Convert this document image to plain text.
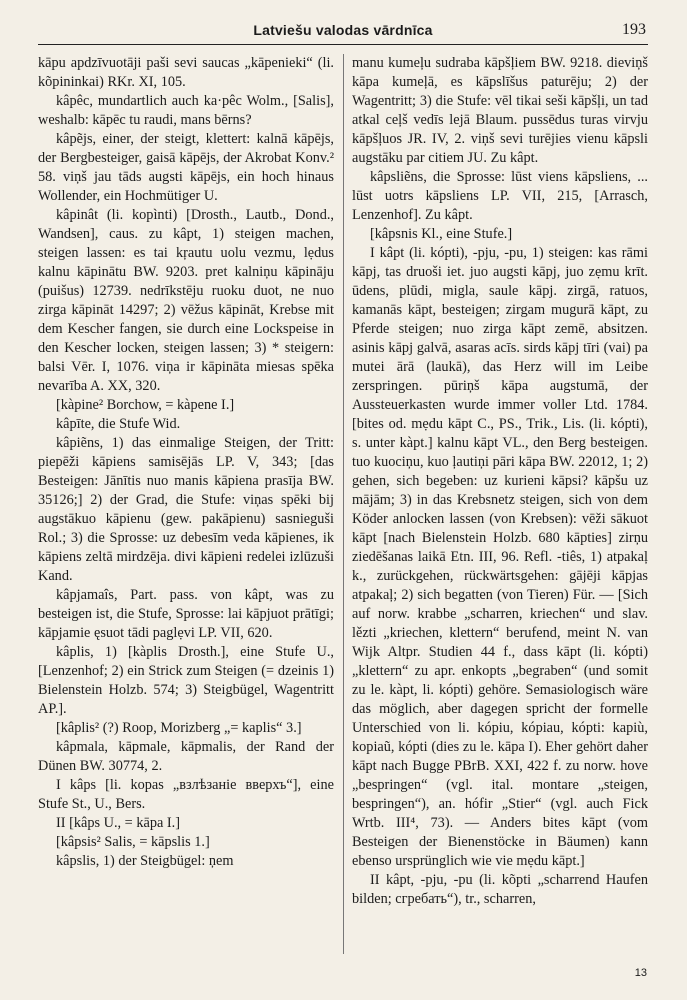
Latviešu valodas vārdnīca	193

kāpu apdzīvuotāji paši sevi saucas „kāpenieki“ (li. kõpininkai) RKr. XI, 105.

kâpêc, mundartlich auch ka·pêc Wolm., [Salis], weshalb: kāpēc tu raudi, mans bērns?

kâpẽjs, einer, der steigt, klettert: kalnā kāpējs, der Bergbesteiger, gaisā kāpējs, der Akrobat Konv.² 58. viņš jau tāds augsti kāpējs, ein hoch hinaus Wollender, ein Hochmütiger U.

kâpinât (li. kopìnti) [Drosth., Lautb., Dond., Wandsen], caus. zu kâpt, 1) steigen machen, steigen lassen: es tai kŗautu uolu vezmu, lẹdus kalnu kāpinātu BW. 9203. pret kalniņu kāpināju (puišus) 12739. nedrīkstēju ruoku duot, ne nuo zirga kāpināt 14297; 2) vēžus kāpināt, Krebse mit dem Kescher fangen, sie durch eine Lockspeise in den Kescher locken, steigen lassen; 3) * steigern: balsi Vēr. I, 1076. viņa ir kāpināta miesas spēka nevarība A. XX, 320.

[kàpine² Borchow, = kàpene I.]

kâpīte, die Stufe Wid.

kâpiẽns, 1) das einmalige Steigen, der Tritt: piepēži kāpiens samisējās LP. V, 343; [das Besteigen: Jānītis nuo manis kāpiena prasīja BW. 35126;] 2) der Grad, die Stufe: viņas spēki bij augstākuo kāpienu (gew. pakāpienu) sasnieguši Rol.; 3) die Sprosse: uz debesīm veda kāpienes, ik kāpiens zeltā mirdzēja. divi kāpieni redelei izlūzuši Kand.

kâpjamaîs, Part. pass. von kâpt, was zu besteigen ist, die Stufe, Sprosse: lai kāpjuot prātīgi; kāpjamie ęsuot tādi paglẹvi LP. VII, 620.

kâplis, 1) [kàplis Drosth.], eine Stufe U., [Lenzenhof; 2) ein Strick zum Steigen (= dzeinis 1) Bielenstein Holzb. 574; 3) Steigbügel, Wagentritt AP.].

[kâplis² (?) Roop, Morizberg „= kaplis“ 3.]

kâpmala, kāpmale, kāpmalis, der Rand der Dünen BW. 30774, 2.

I kâps [li. kopas „взлѣзаніе вверхъ“], eine Stufe St., U., Bers.

II [kâps U., = kāpa I.]

[kâpsis² Salis, = kāpslis 1.]

kâpslis, 1) der Steigbügel: ņem

manu kumeļu sudraba kāpšļiem BW. 9218. dieviņš kāpa kumeļā, es kāpslīšus paturēju; 2) der Wagentritt; 3) die Stufe: vēl tikai seši kāpšļi, un tad atkal ceļš vedīs lejā Blaum. pussēdus turas virvju kāpšļuos JR. IV, 2. viņš sevi turējies vienu kāpsli augstāku par citiem JU. Zu kâpt.

kâpsliẽns, die Sprosse: lūst viens kāpsliens, ... lūst uotrs kāpsliens LP. VII, 215, [Arrasch, Lenzenhof]. Zu kâpt.

[kâpsnis Kl., eine Stufe.]

I kâpt (li. kópti), -pju, -pu, 1) steigen: kas rāmi kāpj, tas druoši iet. juo augsti kāpj, juo zẹmu krīt. ūdens, plūdi, migla, saule kāpj. zirgā, ratuos, kamanās kāpt, besteigen; zirgam mugurā kāpt, zu Pferde steigen; nuo zirga kāpt zemē, absitzen. asinis kāpj galvā, asaras acīs. sirds kāpj tīri (vai) pa mutei ārā (laukā), das Herz will im Leibe zerspringen. pūriņš kāpa augstumā, der Aussteuerkasten wurde immer voller Ltd. 1784. [bites od. mẹdu kāpt C., PS., Trik., Lis. (li. kópti), s. unter kàpt.] kalnu kāpt VL., den Berg besteigen. tuo kuociņu, kuo ļautiņi pāri kāpa BW. 22012, 1; 2) gehen, sich begeben: uz kurieni kāpsi? kāpšu uz mājām; 3) in das Krebsnetz steigen, sich von dem Köder anlocken lassen (von Krebsen): vēži sākuot kāpt [nach Bielenstein Holzb. 680 kāpties] zirņu ziedēšanas laikā Etn. III, 96. Refl. -tiês, 1) atpakaļ k., zurückgehen, rückwärtsgehen: gājēji kāpjas atpakaļ; 2) sich begatten (von Tieren) Für. — [Sich auf norw. krabbe „scharren, kriechen“ und slav. lězti „kriechen, klettern“ berufend, meint N. van Wijk Altpr. Studien 44 f., dass kāpt (li. kópti) „klettern“ zu apr. enkopts „begraben“ (und somit zu le. kàpt, li. kópti) gehöre. Semasiologisch wäre das möglich, aber dagegen spricht der formelle Unterschied von li. kópiu, kópiau, kópti: kapiù, kopiaũ, kópti (dies zu le. kāpa I). Eher gehört daher kāpt nach Bugge PBrB. XXI, 422 f. zu norw. hove „bespringen“ (vgl. ital. montare „steigen, bespringen“), an. hófir „Stier“ (vgl. auch Fick Wrtb. III⁴, 73). — Anders bites kāpt (vom Besteigen der Bienenstöcke in Bäumen) kann ebenso ursprünglich wie vie mẹdu kāpt.]

II kâpt, -pju, -pu (li. kõpti „scharrend Haufen bilden; сгребать“), tr., scharren,

13
